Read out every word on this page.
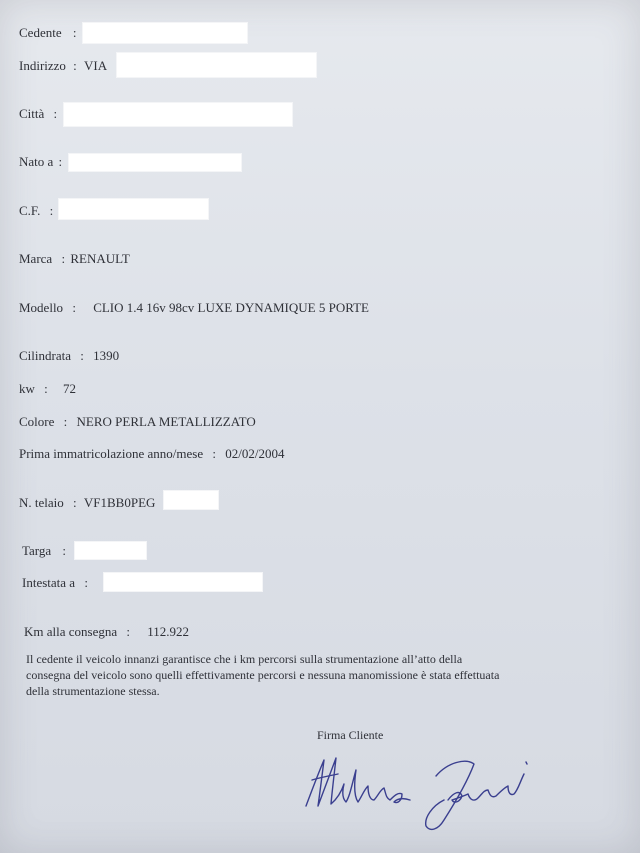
Cedente :
Indirizzo : VIA
Città :
Nato a :
C.F. :
Marca : RENAULT
Modello : CLIO 1.4 16v 98cv LUXE DYNAMIQUE 5 PORTE
Cilindrata : 1390
kw : 72
Colore : NERO PERLA METALLIZZATO
Prima immatricolazione anno/mese : 02/02/2004
N. telaio : VF1BB0PEG
Targa :
Intestata a :
Km alla consegna : 112.922
Il cedente il veicolo innanzi garantisce che i km percorsi sulla strumentazione all’atto della
consegna del veicolo sono quelli effettivamente percorsi e nessuna manomissione è stata effettuata
della strumentazione stessa.
Firma Cliente
